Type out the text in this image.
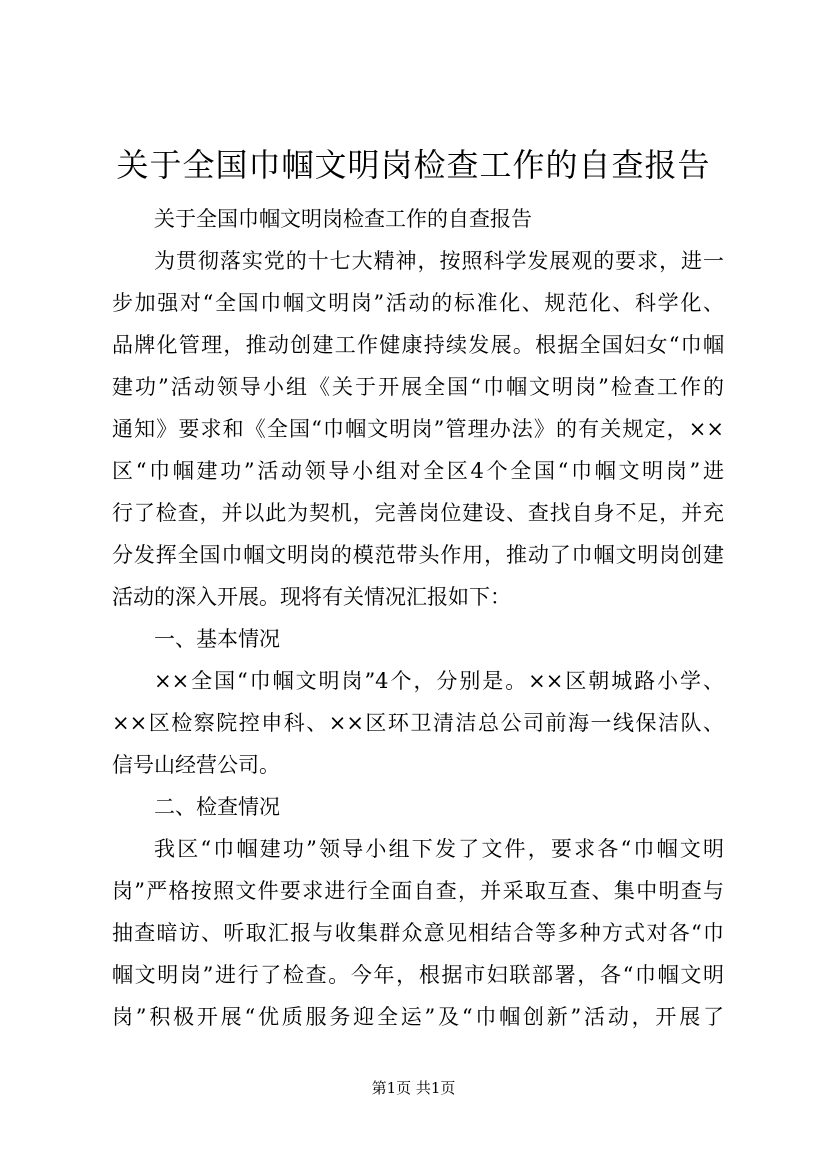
关于全国巾帼文明岗检查工作的自查报告
关于全国巾帼文明岗检查工作的自查报告
为贯彻落实党的十七大精神，按照科学发展观的要求，进一
步加强对“全国巾帼文明岗”活动的标准化、规范化、科学化、
品牌化管理，推动创建工作健康持续发展。根据全国妇女“巾帼
建功”活动领导小组《关于开展全国“巾帼文明岗”检查工作的
通知》要求和《全国“巾帼文明岗”管理办法》的有关规定，××
区“巾帼建功”活动领导小组对全区4个全国“巾帼文明岗”进
行了检查，并以此为契机，完善岗位建设、查找自身不足，并充
分发挥全国巾帼文明岗的模范带头作用，推动了巾帼文明岗创建
活动的深入开展。现将有关情况汇报如下：
一、基本情况
××全国“巾帼文明岗”4个，分别是。××区朝城路小学、
××区检察院控申科、××区环卫清洁总公司前海一线保洁队、
信号山经营公司。
二、检查情况
我区“巾帼建功”领导小组下发了文件，要求各“巾帼文明
岗”严格按照文件要求进行全面自查，并采取互查、集中明查与
抽查暗访、听取汇报与收集群众意见相结合等多种方式对各“巾
帼文明岗”进行了检查。今年，根据市妇联部署，各“巾帼文明
岗”积极开展“优质服务迎全运”及“巾帼创新”活动，开展了
第1页 共1页
